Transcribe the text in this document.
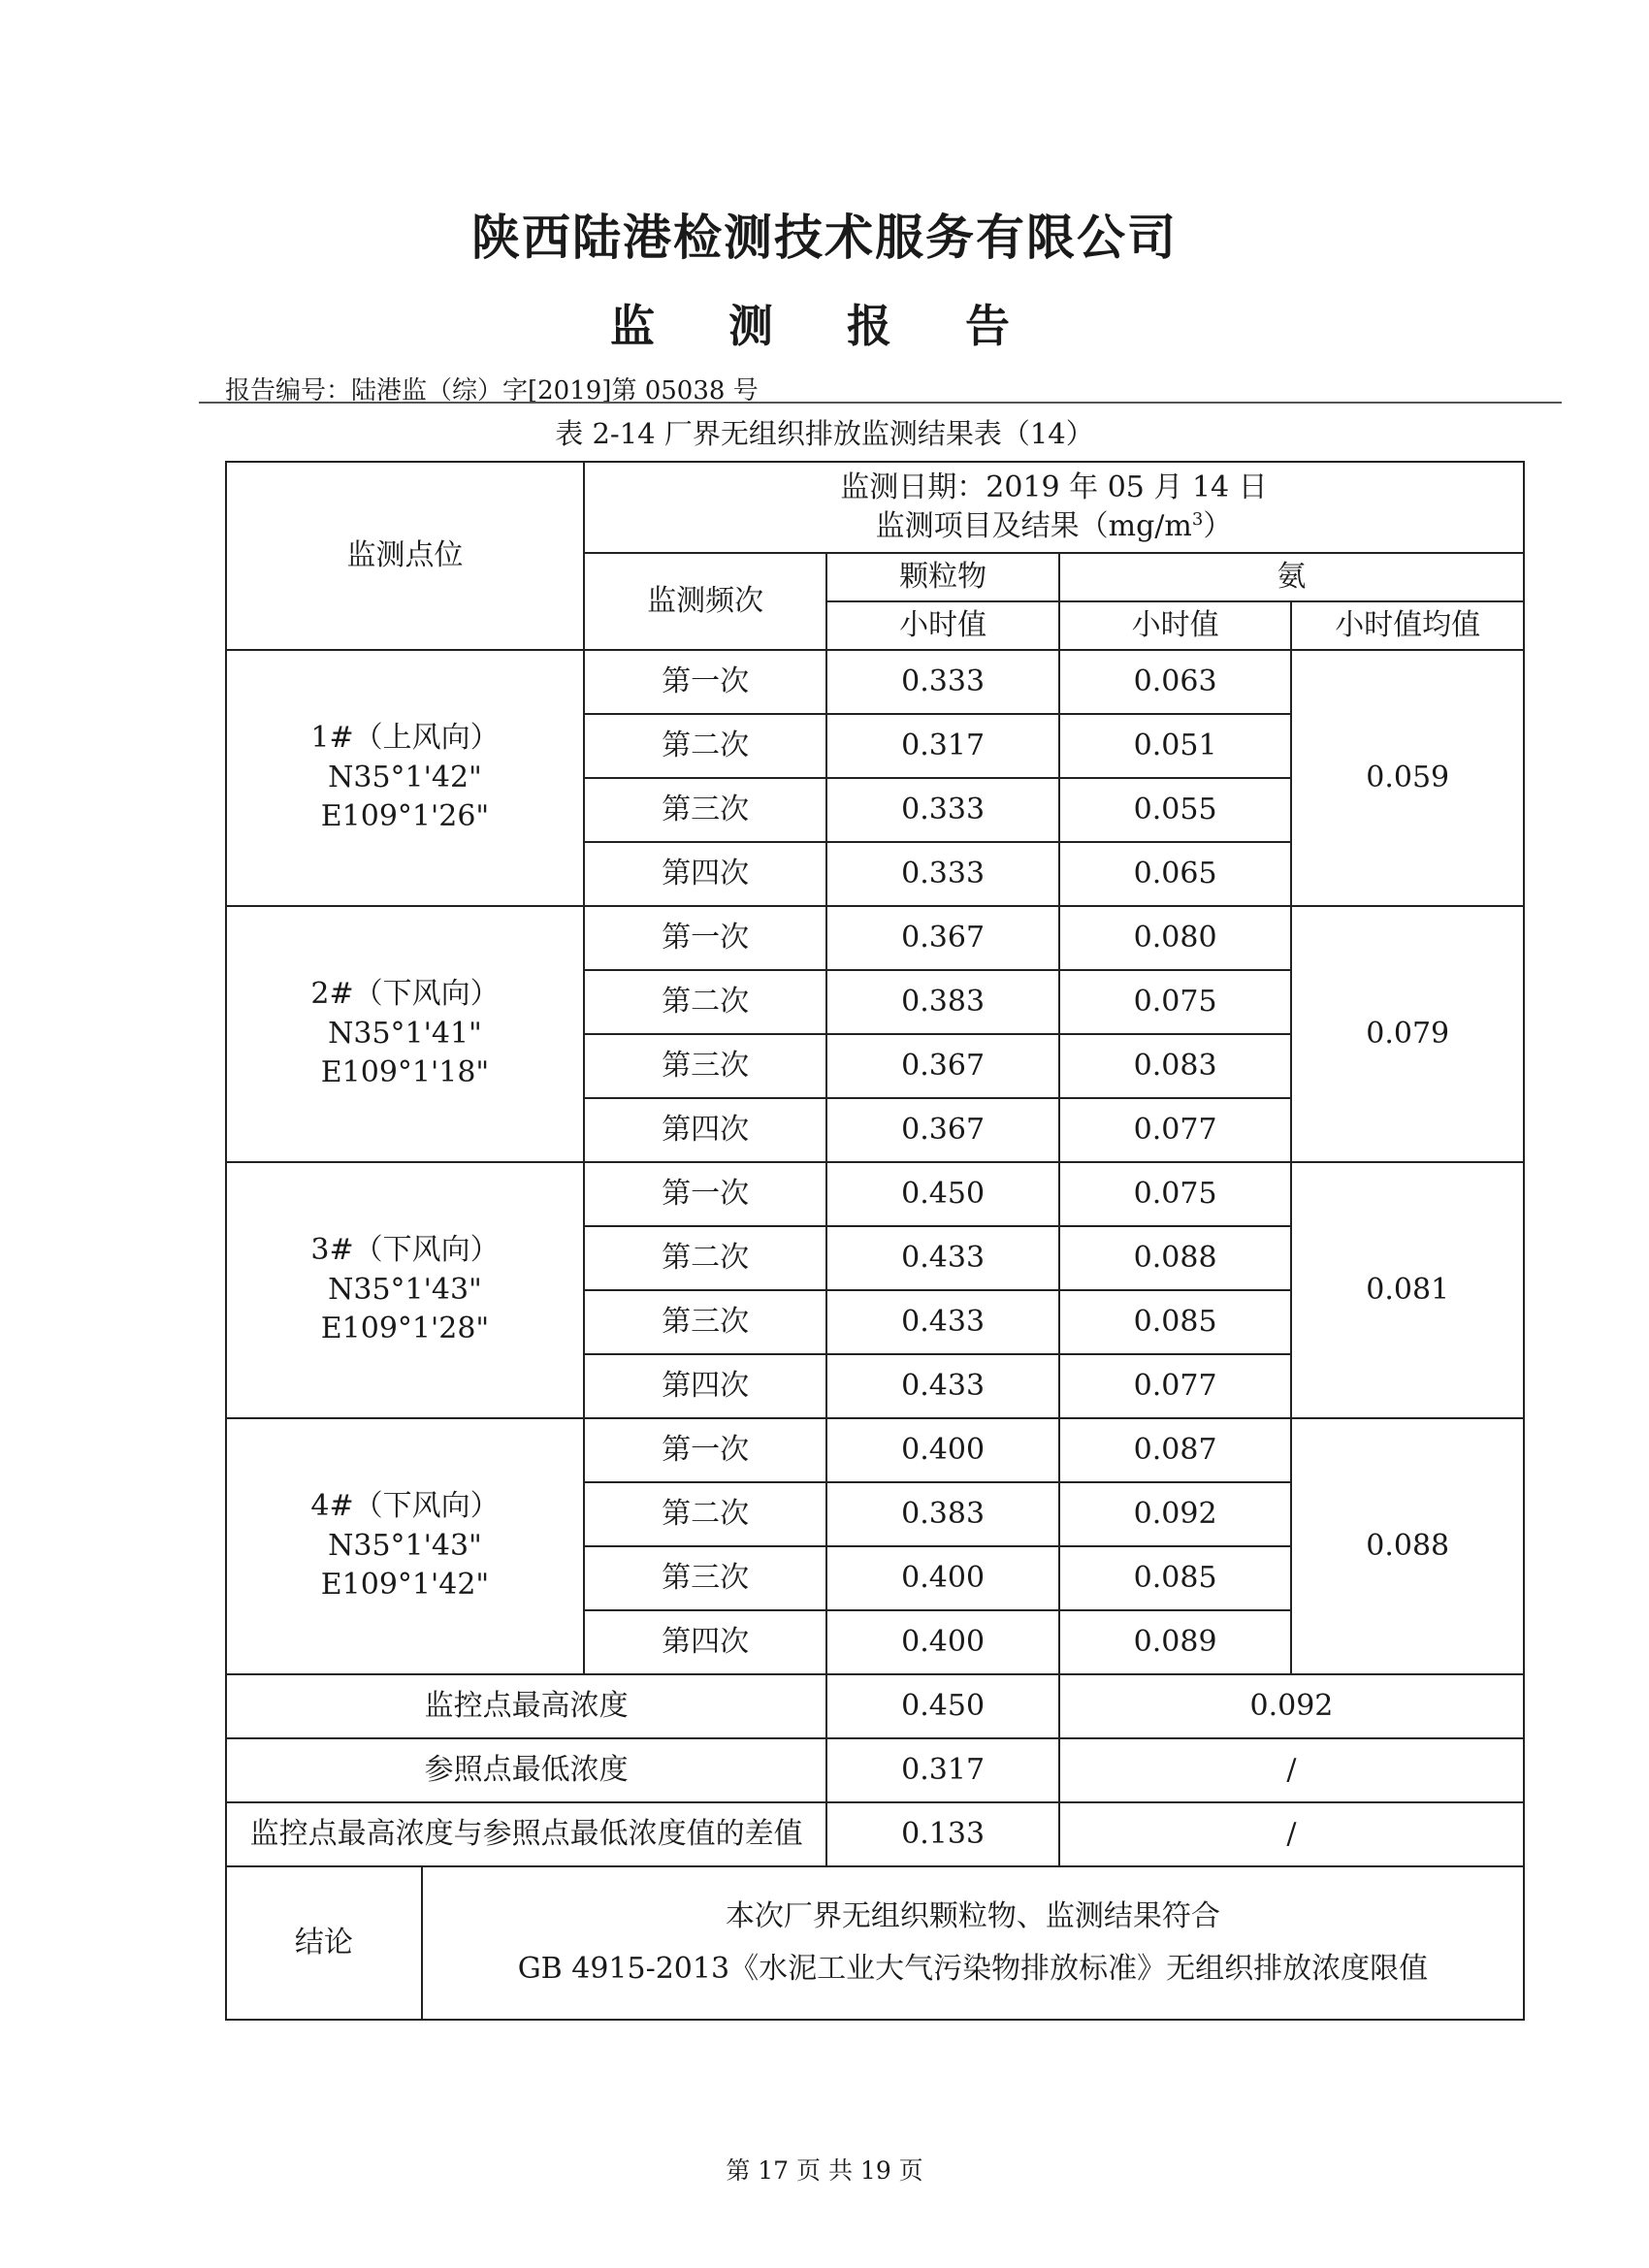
陕西陆港检测技术服务有限公司
监 测 报 告
报告编号：陆港监（综）字[2019]第 05038 号
表 2-14 厂界无组织排放监测结果表（14）
监测点位		监测日期：2019 年 05 月 14 日
监测项目及结果$(mg/m^3)$			

		监测频次	颗粒物	氨	
			小时值	小时值	小时值均值

1#（上风向）
N35°1'42"
E109°1'26"		第一次	0.333	0.063	0.059
		第二次	0.317	0.051	
		第三次	0.333	0.055	
		第四次	0.333	0.065	

2#（下风向）
N35°1'41"
E109°1'18"		第一次	0.367	0.080	0.079
		第二次	0.383	0.075	
		第三次	0.367	0.083	
		第四次	0.367	0.077	

3#（下风向）
N35°1'43"
E109°1'28"		第一次	0.450	0.075	0.081
		第二次	0.433	0.088	
		第三次	0.433	0.085	
		第四次	0.433	0.077	

4#（下风向）
N35°1'43"
E109°1'42"		第一次	0.400	0.087	0.088
		第二次	0.383	0.092	
		第三次	0.400	0.085	
		第四次	0.400	0.089	
监控点最高浓度			0.450	0.092	
参照点最低浓度			0.317	/	
监控点最高浓度与参照点最低浓度值的差值			0.133	/	
结论	本次厂界无组织颗粒物、监测结果符合
GB 4915-2013《水泥工业大气污染物排放标准》无组织排放浓度限值				
第 17 页 共 19 页
